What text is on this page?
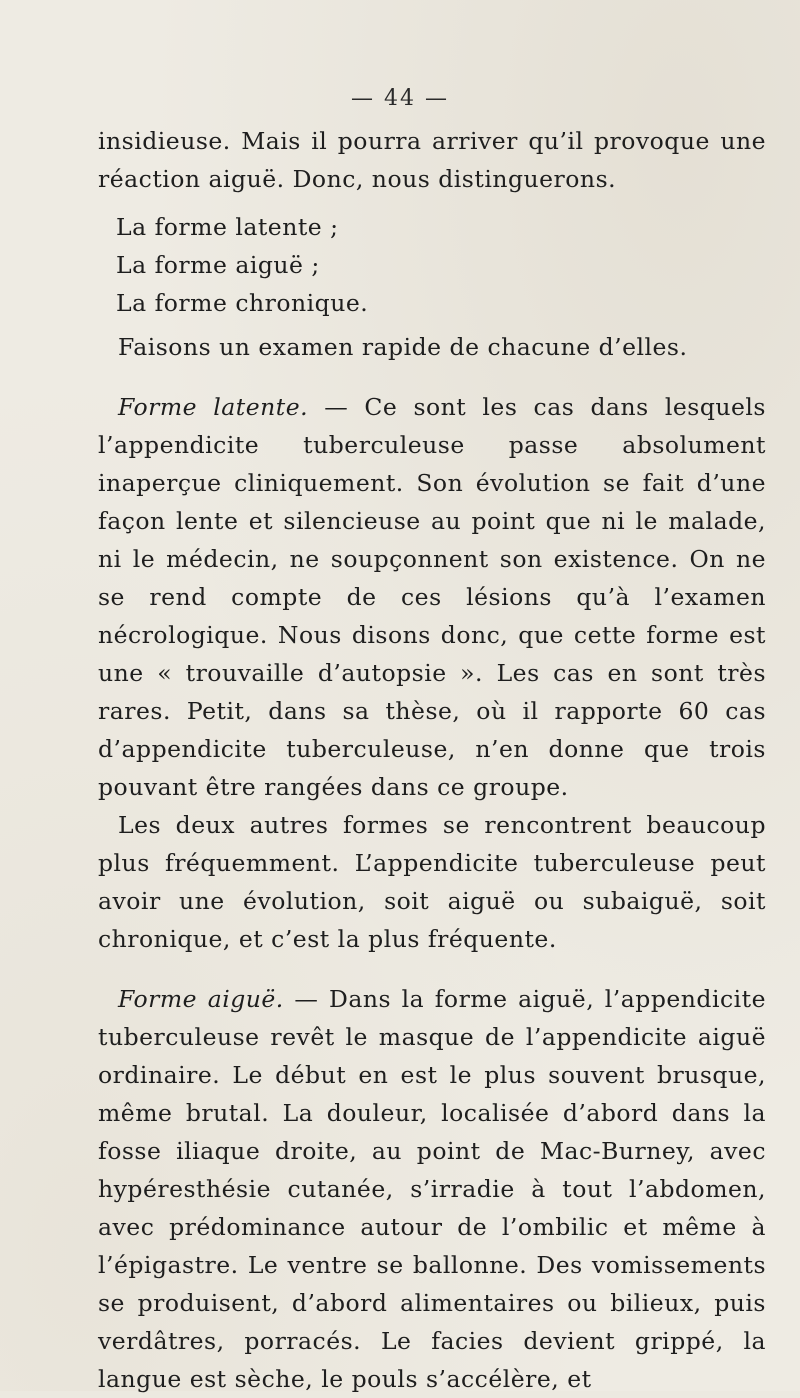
— 44 —

insidieuse. Mais il pourra arriver qu’il provoque une réaction aiguë. Donc, nous distinguerons.

La forme latente ;
La forme aiguë ;
La forme chronique.

Faisons un examen rapide de chacune d’elles.

Forme latente. — Ce sont les cas dans lesquels l’appendicite tuberculeuse passe absolument inaperçue cliniquement. Son évolution se fait d’une façon lente et silencieuse au point que ni le malade, ni le médecin, ne soupçonnent son existence. On ne se rend compte de ces lésions qu’à l’examen nécrologique. Nous disons donc, que cette forme est une « trouvaille d’autopsie ». Les cas en sont très rares. Petit, dans sa thèse, où il rapporte 60 cas d’appendicite tuberculeuse, n’en donne que trois pouvant être rangées dans ce groupe.

Les deux autres formes se rencontrent beaucoup plus fréquemment. L’appendicite tuberculeuse peut avoir une évolution, soit aiguë ou subaiguë, soit chronique, et c’est la plus fréquente.

Forme aiguë. — Dans la forme aiguë, l’appendicite tuberculeuse revêt le masque de l’appendicite aiguë ordinaire. Le début en est le plus souvent brusque, même brutal. La douleur, localisée d’abord dans la fosse iliaque droite, au point de Mac-Burney, avec hypéresthésie cutanée, s’irradie à tout l’abdomen, avec prédominance autour de l’ombilic et même à l’épigastre. Le ventre se ballonne. Des vomissements se produisent, d’abord alimentaires ou bilieux, puis verdâtres, porracés. Le facies devient grippé, la langue est sèche, le pouls s’accélère, et
